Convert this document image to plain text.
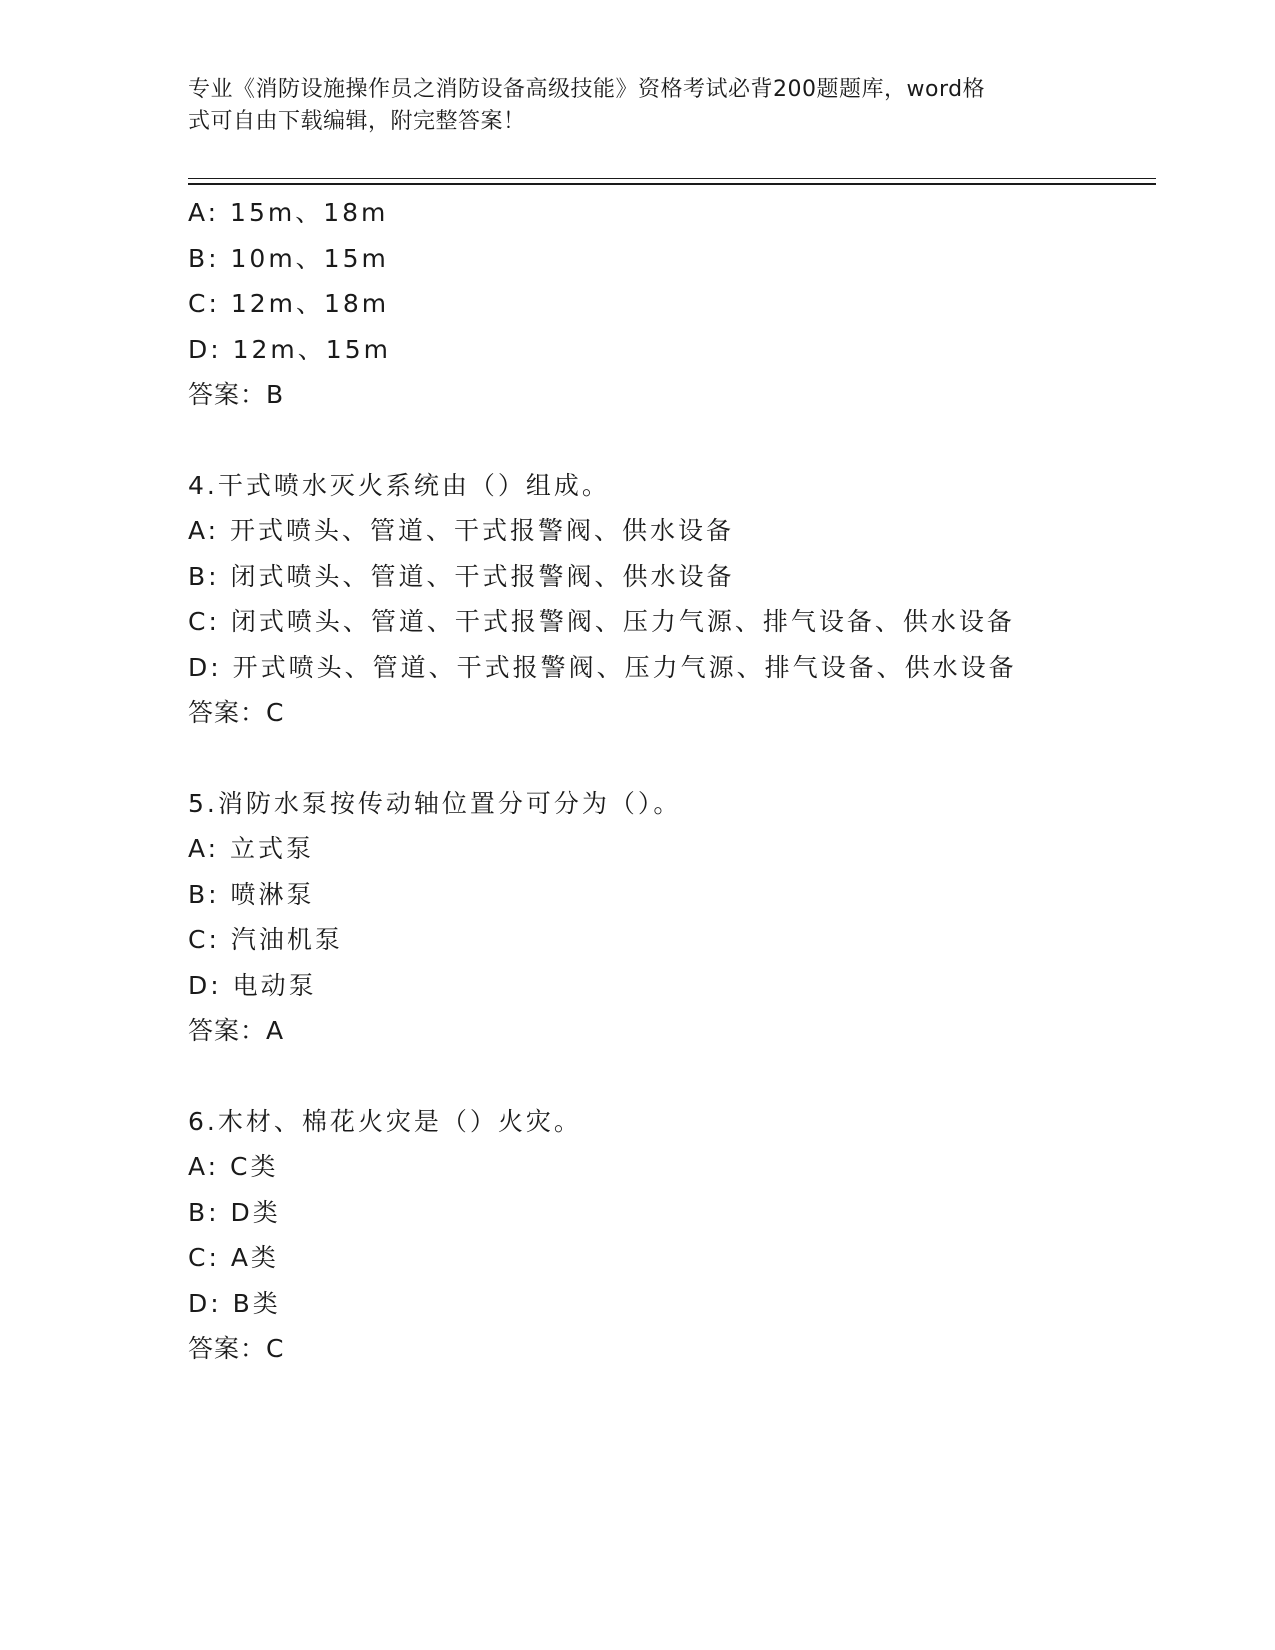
专业《消防设施操作员之消防设备高级技能》资格考试必背200题题库，word格
式可自由下载编辑，附完整答案！
A: 15m、18m
B: 10m、15m
C: 12m、18m
D: 12m、15m
答案：B
4.干式喷水灭火系统由（）组成。
A: 开式喷头、管道、干式报警阀、供水设备
B: 闭式喷头、管道、干式报警阀、供水设备
C: 闭式喷头、管道、干式报警阀、压力气源、排气设备、供水设备
D: 开式喷头、管道、干式报警阀、压力气源、排气设备、供水设备
答案：C
5.消防水泵按传动轴位置分可分为（）。
A: 立式泵
B: 喷淋泵
C: 汽油机泵
D: 电动泵
答案：A
6.木材、棉花火灾是（）火灾。
A: C类
B: D类
C: A类
D: B类
答案：C
